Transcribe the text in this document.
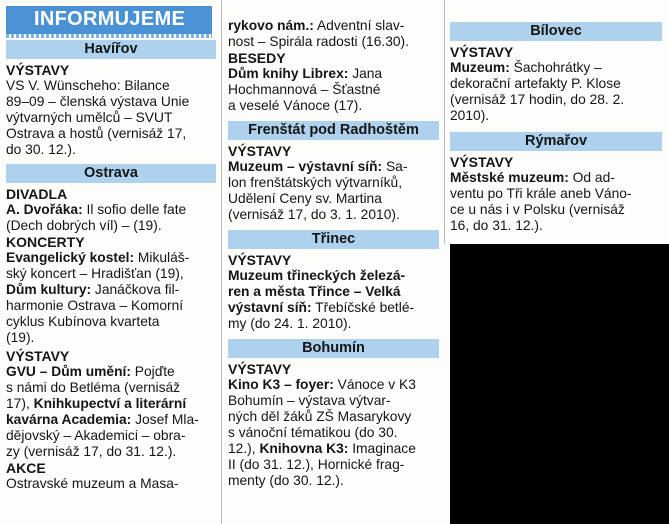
INFORMUJEME
Havířov
VÝSTAVY
VS V. Wünscheho: Bilance
89–09 – členská výstava Unie
výtvarných umělců – SVUT
Ostrava a hostů (vernisáž 17,
do 30. 12.).
Ostrava
DIVADLA
A. Dvořáka: Il sofio delle fate
(Dech dobrých víl) – (19).
KONCERTY
Evangelický kostel: Mikuláš-
ský koncert – Hradišťan (19),
Dům kultury: Janáčkova fil-
harmonie Ostrava – Komorní
cyklus Kubínova kvarteta
(19).
VÝSTAVY
GVU – Dům umění: Pojďte
s námi do Betléma (vernisáž
17), Knihkupectví a literární
kavárna Academia: Josef Mla-
dějovský – Akademici – obra-
zy (vernisáž 17, do 31. 12.).
AKCE
Ostravské muzeum a Masa-
rykovo nám.: Adventní slav-
nost – Spirála radosti (16.30).
BESEDY
Dům knihy Librex: Jana
Hochmannová – Šťastné
a veselé Vánoce (17).
Frenštát pod Radhoštěm
VÝSTAVY
Muzeum – výstavní síň: Sa-
lon frenštátských výtvarníků,
Udělení Ceny sv. Martina
(vernisáž 17, do 3. 1. 2010).
Třinec
VÝSTAVY
Muzeum třineckých železá-
ren a města Třince – Velká
výstavní síň: Třebíčské betlé-
my (do 24. 1. 2010).
Bohumín
VÝSTAVY
Kino K3 – foyer: Vánoce v K3
Bohumín – výstava výtvar-
ných děl žáků ZŠ Masarykovy
s vánoční tématikou (do 30.
12.), Knihovna K3: Imaginace
II (do 31. 12.), Hornické frag-
menty (do 30. 12.).
Bílovec
VÝSTAVY
Muzeum: Šachohrátky –
dekorační artefakty P. Klose
(vernisáž 17 hodin, do 28. 2.
2010).
Rýmařov
VÝSTAVY
Městské muzeum: Od ad-
ventu po Tři krále aneb Váno-
ce u nás i v Polsku (vernisáž
16, do 31. 12.).
